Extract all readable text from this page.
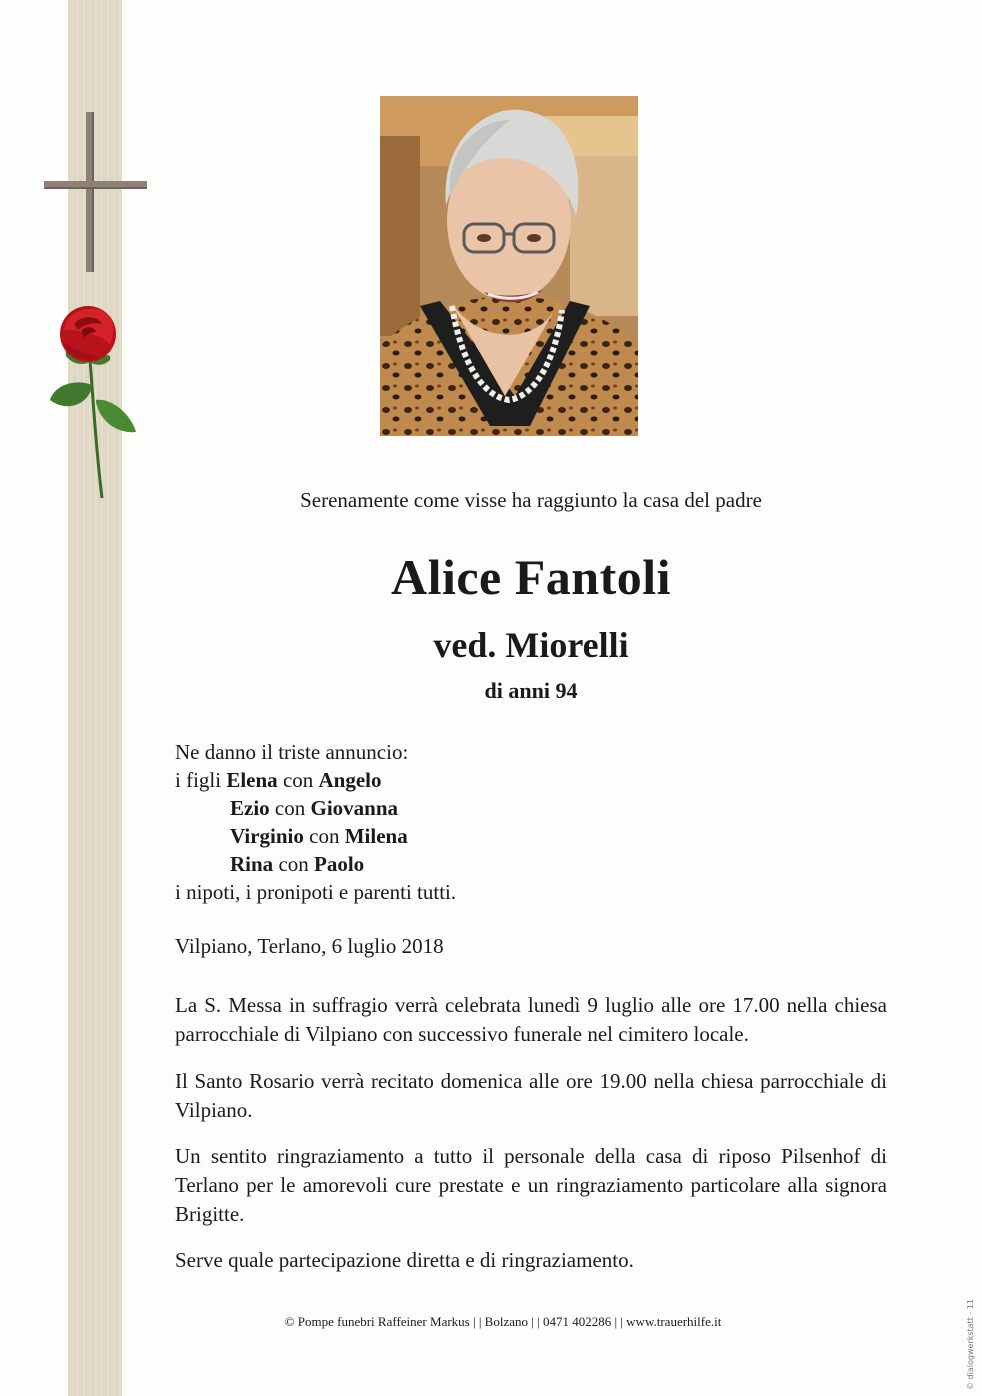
Serenamente come visse ha raggiunto la casa del padre
Alice Fantoli
ved. Miorelli
di anni 94
Ne danno il triste annuncio:
i figli Elena con Angelo
Ezio con Giovanna
Virginio con Milena
Rina con Paolo
i nipoti, i pronipoti e parenti tutti.
Vilpiano, Terlano, 6 luglio 2018

La S. Messa in suffragio verrà celebrata lunedì 9 luglio alle ore 17.00 nella chiesa parrocchiale di Vilpiano con successivo funerale nel cimitero locale.

Il Santo Rosario verrà recitato domenica alle ore 19.00 nella chiesa parrocchiale di Vilpiano.

Un sentito ringraziamento a tutto il personale della casa di riposo Pilsenhof di Terlano per le amorevoli cure prestate e un ringraziamento particolare alla signora Brigitte.

Serve quale partecipazione diretta e di ringraziamento.

© Pompe funebri Raffeiner Markus | | Bolzano | | 0471 402286 | | www.trauerhilfe.it	© dialogwerkstatt - 11
